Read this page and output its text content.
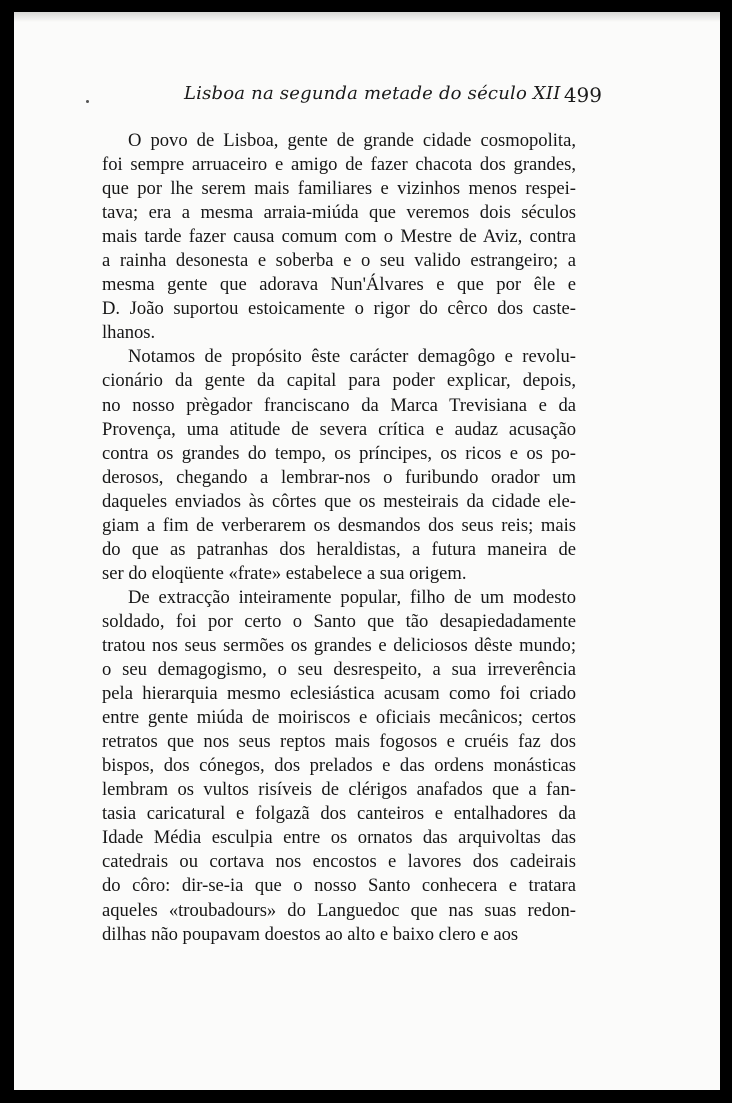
Lisboa na segunda metade do século XII 499
O povo de Lisboa, gente de grande cidade cosmopolita,
foi sempre arruaceiro e amigo de fazer chacota dos grandes,
que por lhe serem mais familiares e vizinhos menos respei-
tava; era a mesma arraia-miúda que veremos dois séculos
mais tarde fazer causa comum com o Mestre de Aviz, contra
a rainha desonesta e soberba e o seu valido estrangeiro; a
mesma gente que adorava Nun'Álvares e que por êle e
D. João suportou estoicamente o rigor do cêrco dos caste-
lhanos.
Notamos de propósito êste carácter demagôgo e revolu-
cionário da gente da capital para poder explicar, depois,
no nosso prègador franciscano da Marca Trevisiana e da
Provença, uma atitude de severa crítica e audaz acusação
contra os grandes do tempo, os príncipes, os ricos e os po-
derosos, chegando a lembrar-nos o furibundo orador um
daqueles enviados às côrtes que os mesteirais da cidade ele-
giam a fim de verberarem os desmandos dos seus reis; mais
do que as patranhas dos heraldistas, a futura maneira de
ser do eloqüente «frate» estabelece a sua origem.
De extracção inteiramente popular, filho de um modesto
soldado, foi por certo o Santo que tão desapiedadamente
tratou nos seus sermões os grandes e deliciosos dêste mundo;
o seu demagogismo, o seu desrespeito, a sua irreverência
pela hierarquia mesmo eclesiástica acusam como foi criado
entre gente miúda de moiriscos e oficiais mecânicos; certos
retratos que nos seus reptos mais fogosos e cruéis faz dos
bispos, dos cónegos, dos prelados e das ordens monásticas
lembram os vultos risíveis de clérigos anafados que a fan-
tasia caricatural e folgazã dos canteiros e entalhadores da
Idade Média esculpia entre os ornatos das arquivoltas das
catedrais ou cortava nos encostos e lavores dos cadeirais
do côro: dir-se-ia que o nosso Santo conhecera e tratara
aqueles «troubadours» do Languedoc que nas suas redon-
dilhas não poupavam doestos ao alto e baixo clero e aos
